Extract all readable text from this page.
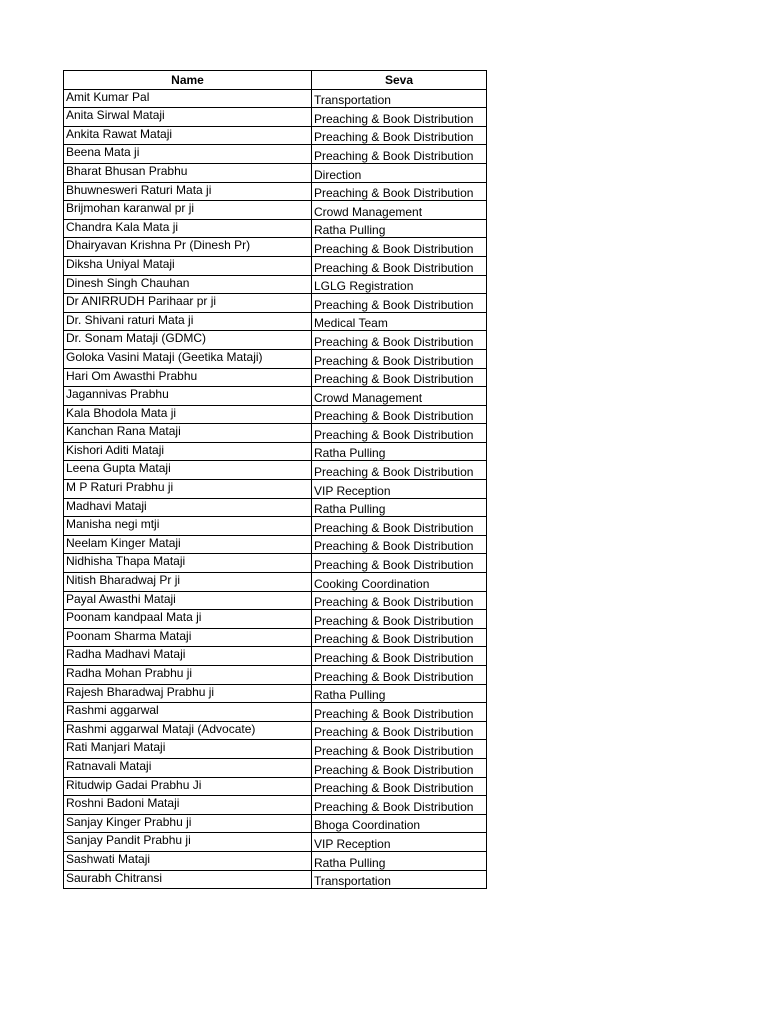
Name	Seva
Amit Kumar Pal	Transportation
Anita Sirwal Mataji	Preaching & Book Distribution
Ankita Rawat Mataji	Preaching & Book Distribution
Beena Mata ji	Preaching & Book Distribution
Bharat Bhusan Prabhu	Direction
Bhuwnesweri Raturi Mata ji	Preaching & Book Distribution
Brijmohan karanwal pr ji	Crowd Management
Chandra Kala Mata ji	Ratha Pulling
Dhairyavan Krishna Pr (Dinesh Pr)	Preaching & Book Distribution
Diksha Uniyal Mataji	Preaching & Book Distribution
Dinesh Singh Chauhan	LGLG Registration
Dr ANIRRUDH Parihaar pr ji	Preaching & Book Distribution
Dr. Shivani raturi Mata ji	Medical Team
Dr. Sonam Mataji (GDMC)	Preaching & Book Distribution
Goloka Vasini Mataji (Geetika Mataji)	Preaching & Book Distribution
Hari Om Awasthi Prabhu	Preaching & Book Distribution
Jagannivas Prabhu	Crowd Management
Kala Bhodola Mata ji	Preaching & Book Distribution
Kanchan Rana Mataji	Preaching & Book Distribution
Kishori Aditi Mataji	Ratha Pulling
Leena Gupta Mataji	Preaching & Book Distribution
M P Raturi Prabhu ji	VIP Reception
Madhavi Mataji	Ratha Pulling
Manisha negi mtji	Preaching & Book Distribution
Neelam Kinger Mataji	Preaching & Book Distribution
Nidhisha Thapa Mataji	Preaching & Book Distribution
Nitish Bharadwaj Pr ji	Cooking Coordination
Payal Awasthi Mataji	Preaching & Book Distribution
Poonam kandpaal Mata ji	Preaching & Book Distribution
Poonam Sharma Mataji	Preaching & Book Distribution
Radha Madhavi Mataji	Preaching & Book Distribution
Radha Mohan Prabhu ji	Preaching & Book Distribution
Rajesh Bharadwaj Prabhu ji	Ratha Pulling
Rashmi aggarwal	Preaching & Book Distribution
Rashmi aggarwal Mataji (Advocate)	Preaching & Book Distribution
Rati Manjari Mataji	Preaching & Book Distribution
Ratnavali Mataji	Preaching & Book Distribution
Ritudwip Gadai Prabhu Ji	Preaching & Book Distribution
Roshni Badoni Mataji	Preaching & Book Distribution
Sanjay Kinger Prabhu ji	Bhoga Coordination
Sanjay Pandit Prabhu ji	VIP Reception
Sashwati Mataji	Ratha Pulling
Saurabh Chitransi	Transportation
